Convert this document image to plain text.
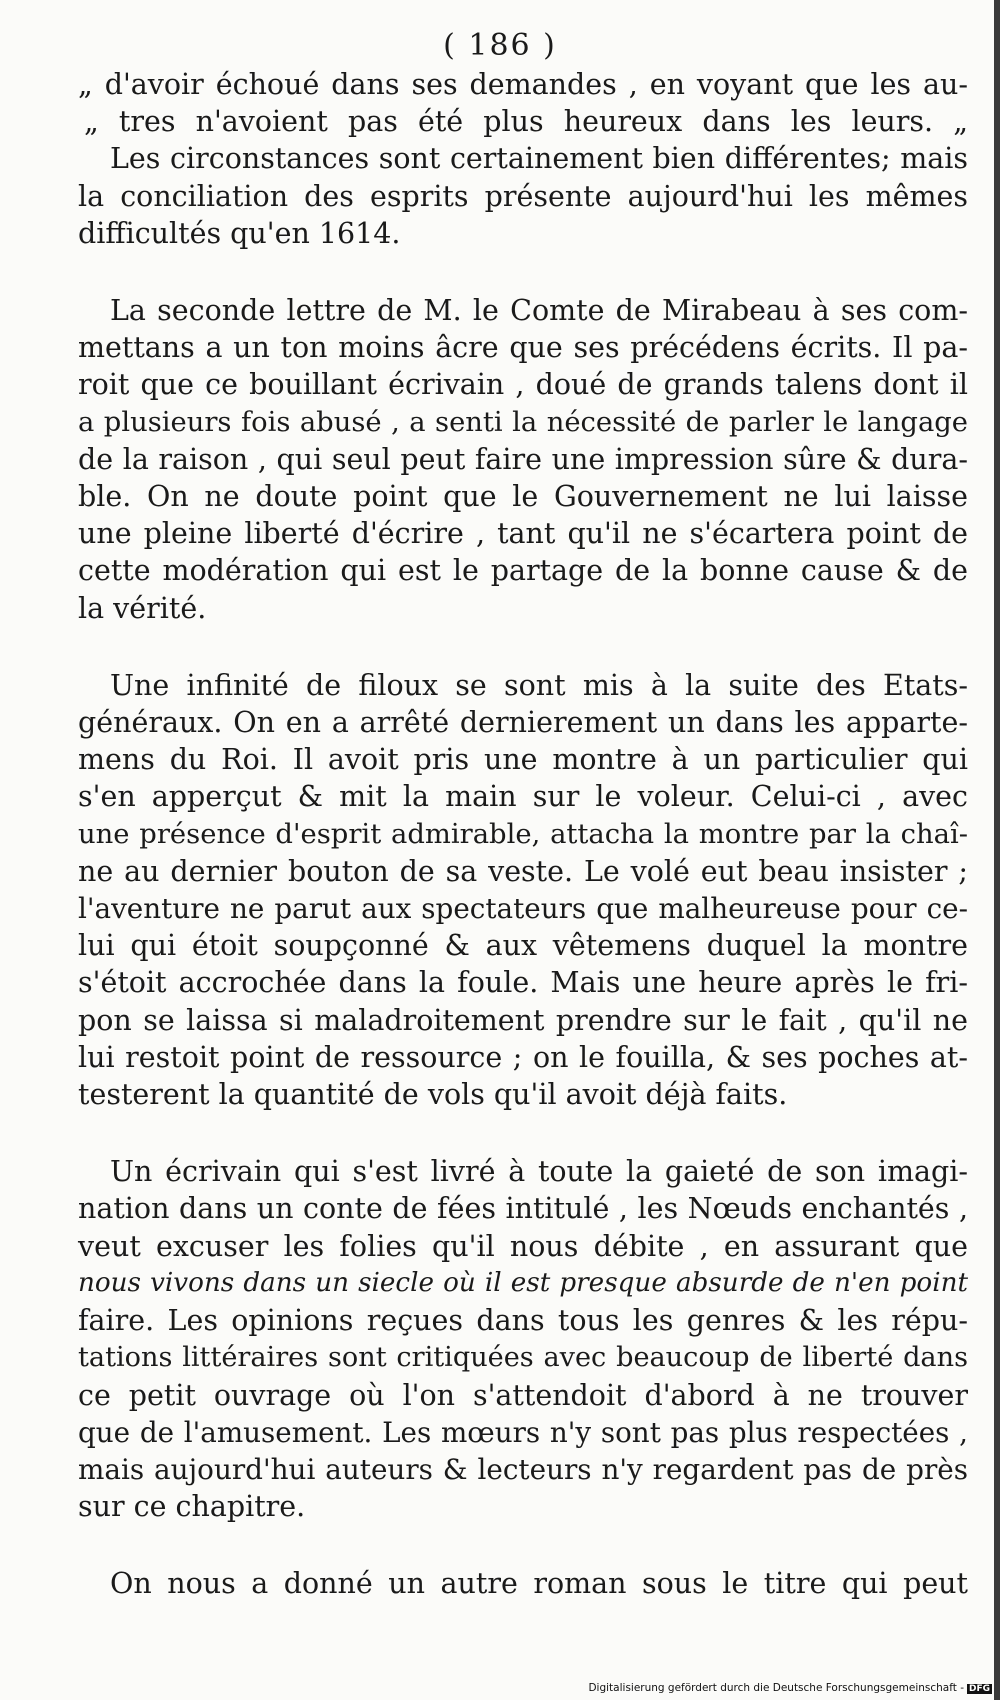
( 186 )
„ d'avoir échoué dans ses demandes , en voyant que les au-
„ tres n'avoient pas été plus heureux dans les leurs. „
Les circonstances sont certainement bien différentes; mais
la conciliation des esprits présente aujourd'hui les mêmes
difficultés qu'en 1614.
La seconde lettre de M. le Comte de Mirabeau à ses com-
mettans a un ton moins âcre que ses précédens écrits. Il pa-
roit que ce bouillant écrivain , doué de grands talens dont il
a plusieurs fois abusé , a senti la nécessité de parler le langage
de la raison , qui seul peut faire une impression sûre & dura-
ble. On ne doute point que le Gouvernement ne lui laisse
une pleine liberté d'écrire , tant qu'il ne s'écartera point de
cette modération qui est le partage de la bonne cause & de
la vérité.
Une infinité de filoux se sont mis à la suite des Etats-
généraux. On en a arrêté dernierement un dans les apparte-
mens du Roi. Il avoit pris une montre à un particulier qui
s'en apperçut & mit la main sur le voleur. Celui-ci , avec
une présence d'esprit admirable, attacha la montre par la chaî-
ne au dernier bouton de sa veste. Le volé eut beau insister ;
l'aventure ne parut aux spectateurs que malheureuse pour ce-
lui qui étoit soupçonné & aux vêtemens duquel la montre
s'étoit accrochée dans la foule. Mais une heure après le fri-
pon se laissa si maladroitement prendre sur le fait , qu'il ne
lui restoit point de ressource ; on le fouilla, & ses poches at-
testerent la quantité de vols qu'il avoit déjà faits.
Un écrivain qui s'est livré à toute la gaieté de son imagi-
nation dans un conte de fées intitulé , les Nœuds enchantés ,
veut excuser les folies qu'il nous débite , en assurant que
nous vivons dans un siecle où il est presque absurde de n'en point
faire. Les opinions reçues dans tous les genres & les répu-
tations littéraires sont critiquées avec beaucoup de liberté dans
ce petit ouvrage où l'on s'attendoit d'abord à ne trouver
que de l'amusement. Les mœurs n'y sont pas plus respectées ,
mais aujourd'hui auteurs & lecteurs n'y regardent pas de près
sur ce chapitre.
On nous a donné un autre roman sous le titre qui peut
Digitalisierung gefördert durch die Deutsche Forschungsgemeinschaft - DFG
